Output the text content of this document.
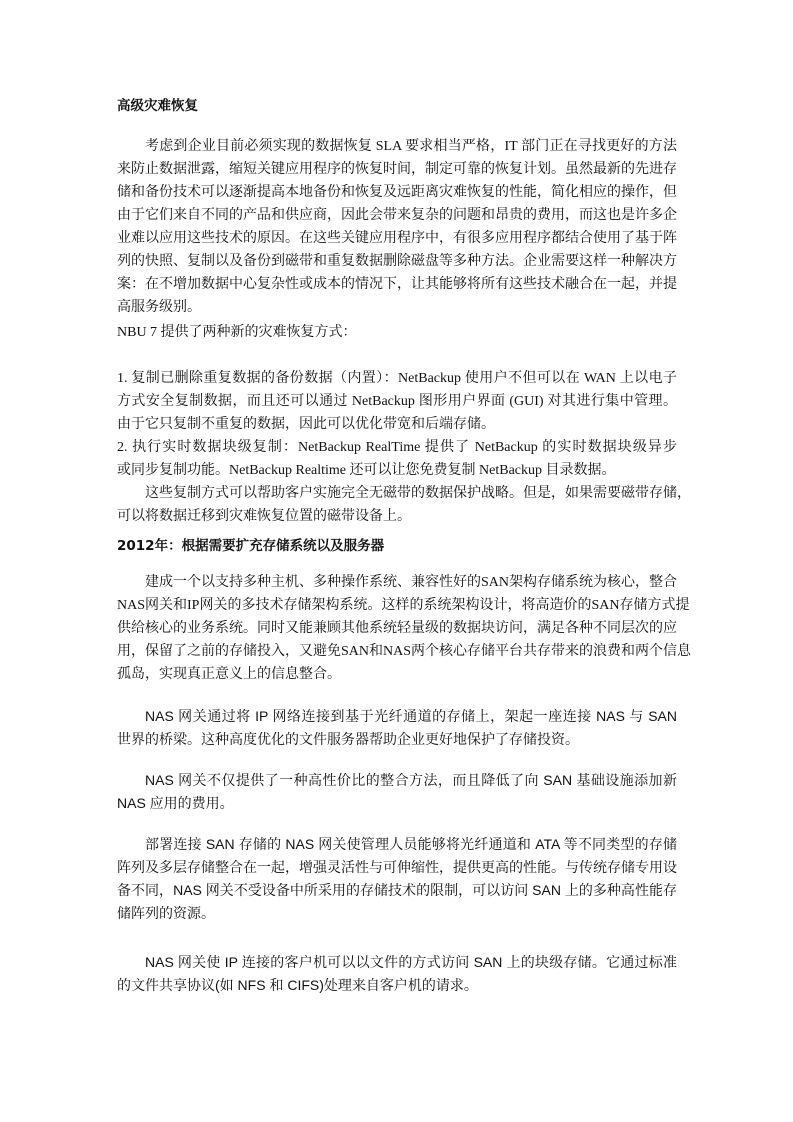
高级灾难恢复
考虑到企业目前必须实现的数据恢复 SLA 要求相当严格，IT 部门正在寻找更好的方法
来防止数据泄露，缩短关键应用程序的恢复时间，制定可靠的恢复计划。虽然最新的先进存
储和备份技术可以逐渐提高本地备份和恢复及远距离灾难恢复的性能，简化相应的操作，但
由于它们来自不同的产品和供应商，因此会带来复杂的问题和昂贵的费用，而这也是许多企
业难以应用这些技术的原因。在这些关键应用程序中，有很多应用程序都结合使用了基于阵
列的快照、复制以及备份到磁带和重复数据删除磁盘等多种方法。企业需要这样一种解决方
案：在不增加数据中心复杂性或成本的情况下，让其能够将所有这些技术融合在一起，并提
高服务级别。
NBU 7 提供了两种新的灾难恢复方式：
1. 复制已删除重复数据的备份数据（内置）：NetBackup 使用户不但可以在 WAN 上以电子
方式安全复制数据，而且还可以通过 NetBackup 图形用户界面 (GUI) 对其进行集中管理。
由于它只复制不重复的数据，因此可以优化带宽和后端存储。
2. 执行实时数据块级复制：NetBackup RealTime 提供了 NetBackup 的实时数据块级异步
或同步复制功能。NetBackup Realtime 还可以让您免费复制 NetBackup 目录数据。
这些复制方式可以帮助客户实施完全无磁带的数据保护战略。但是，如果需要磁带存储，
可以将数据迁移到灾难恢复位置的磁带设备上。
2012年：根据需要扩充存储系统以及服务器
建成一个以支持多种主机、多种操作系统、兼容性好的SAN架构存储系统为核心，整合
NAS网关和IP网关的多技术存储架构系统。这样的系统架构设计，将高造价的SAN存储方式提
供给核心的业务系统。同时又能兼顾其他系统轻量级的数据块访问，满足各种不同层次的应
用，保留了之前的存储投入，又避免SAN和NAS两个核心存储平台共存带来的浪费和两个信息
孤岛，实现真正意义上的信息整合。
NAS 网关通过将 IP 网络连接到基于光纤通道的存储上，架起一座连接 NAS 与 SAN
世界的桥梁。这种高度优化的文件服务器帮助企业更好地保护了存储投资。
NAS 网关不仅提供了一种高性价比的整合方法，而且降低了向 SAN 基础设施添加新
NAS 应用的费用。
部署连接 SAN 存储的 NAS 网关使管理人员能够将光纤通道和 ATA 等不同类型的存储
阵列及多层存储整合在一起，增强灵活性与可伸缩性，提供更高的性能。与传统存储专用设
备不同，NAS 网关不受设备中所采用的存储技术的限制，可以访问 SAN 上的多种高性能存
储阵列的资源。
NAS 网关使 IP 连接的客户机可以以文件的方式访问 SAN 上的块级存储。它通过标准
的文件共享协议(如 NFS 和 CIFS)处理来自客户机的请求。
